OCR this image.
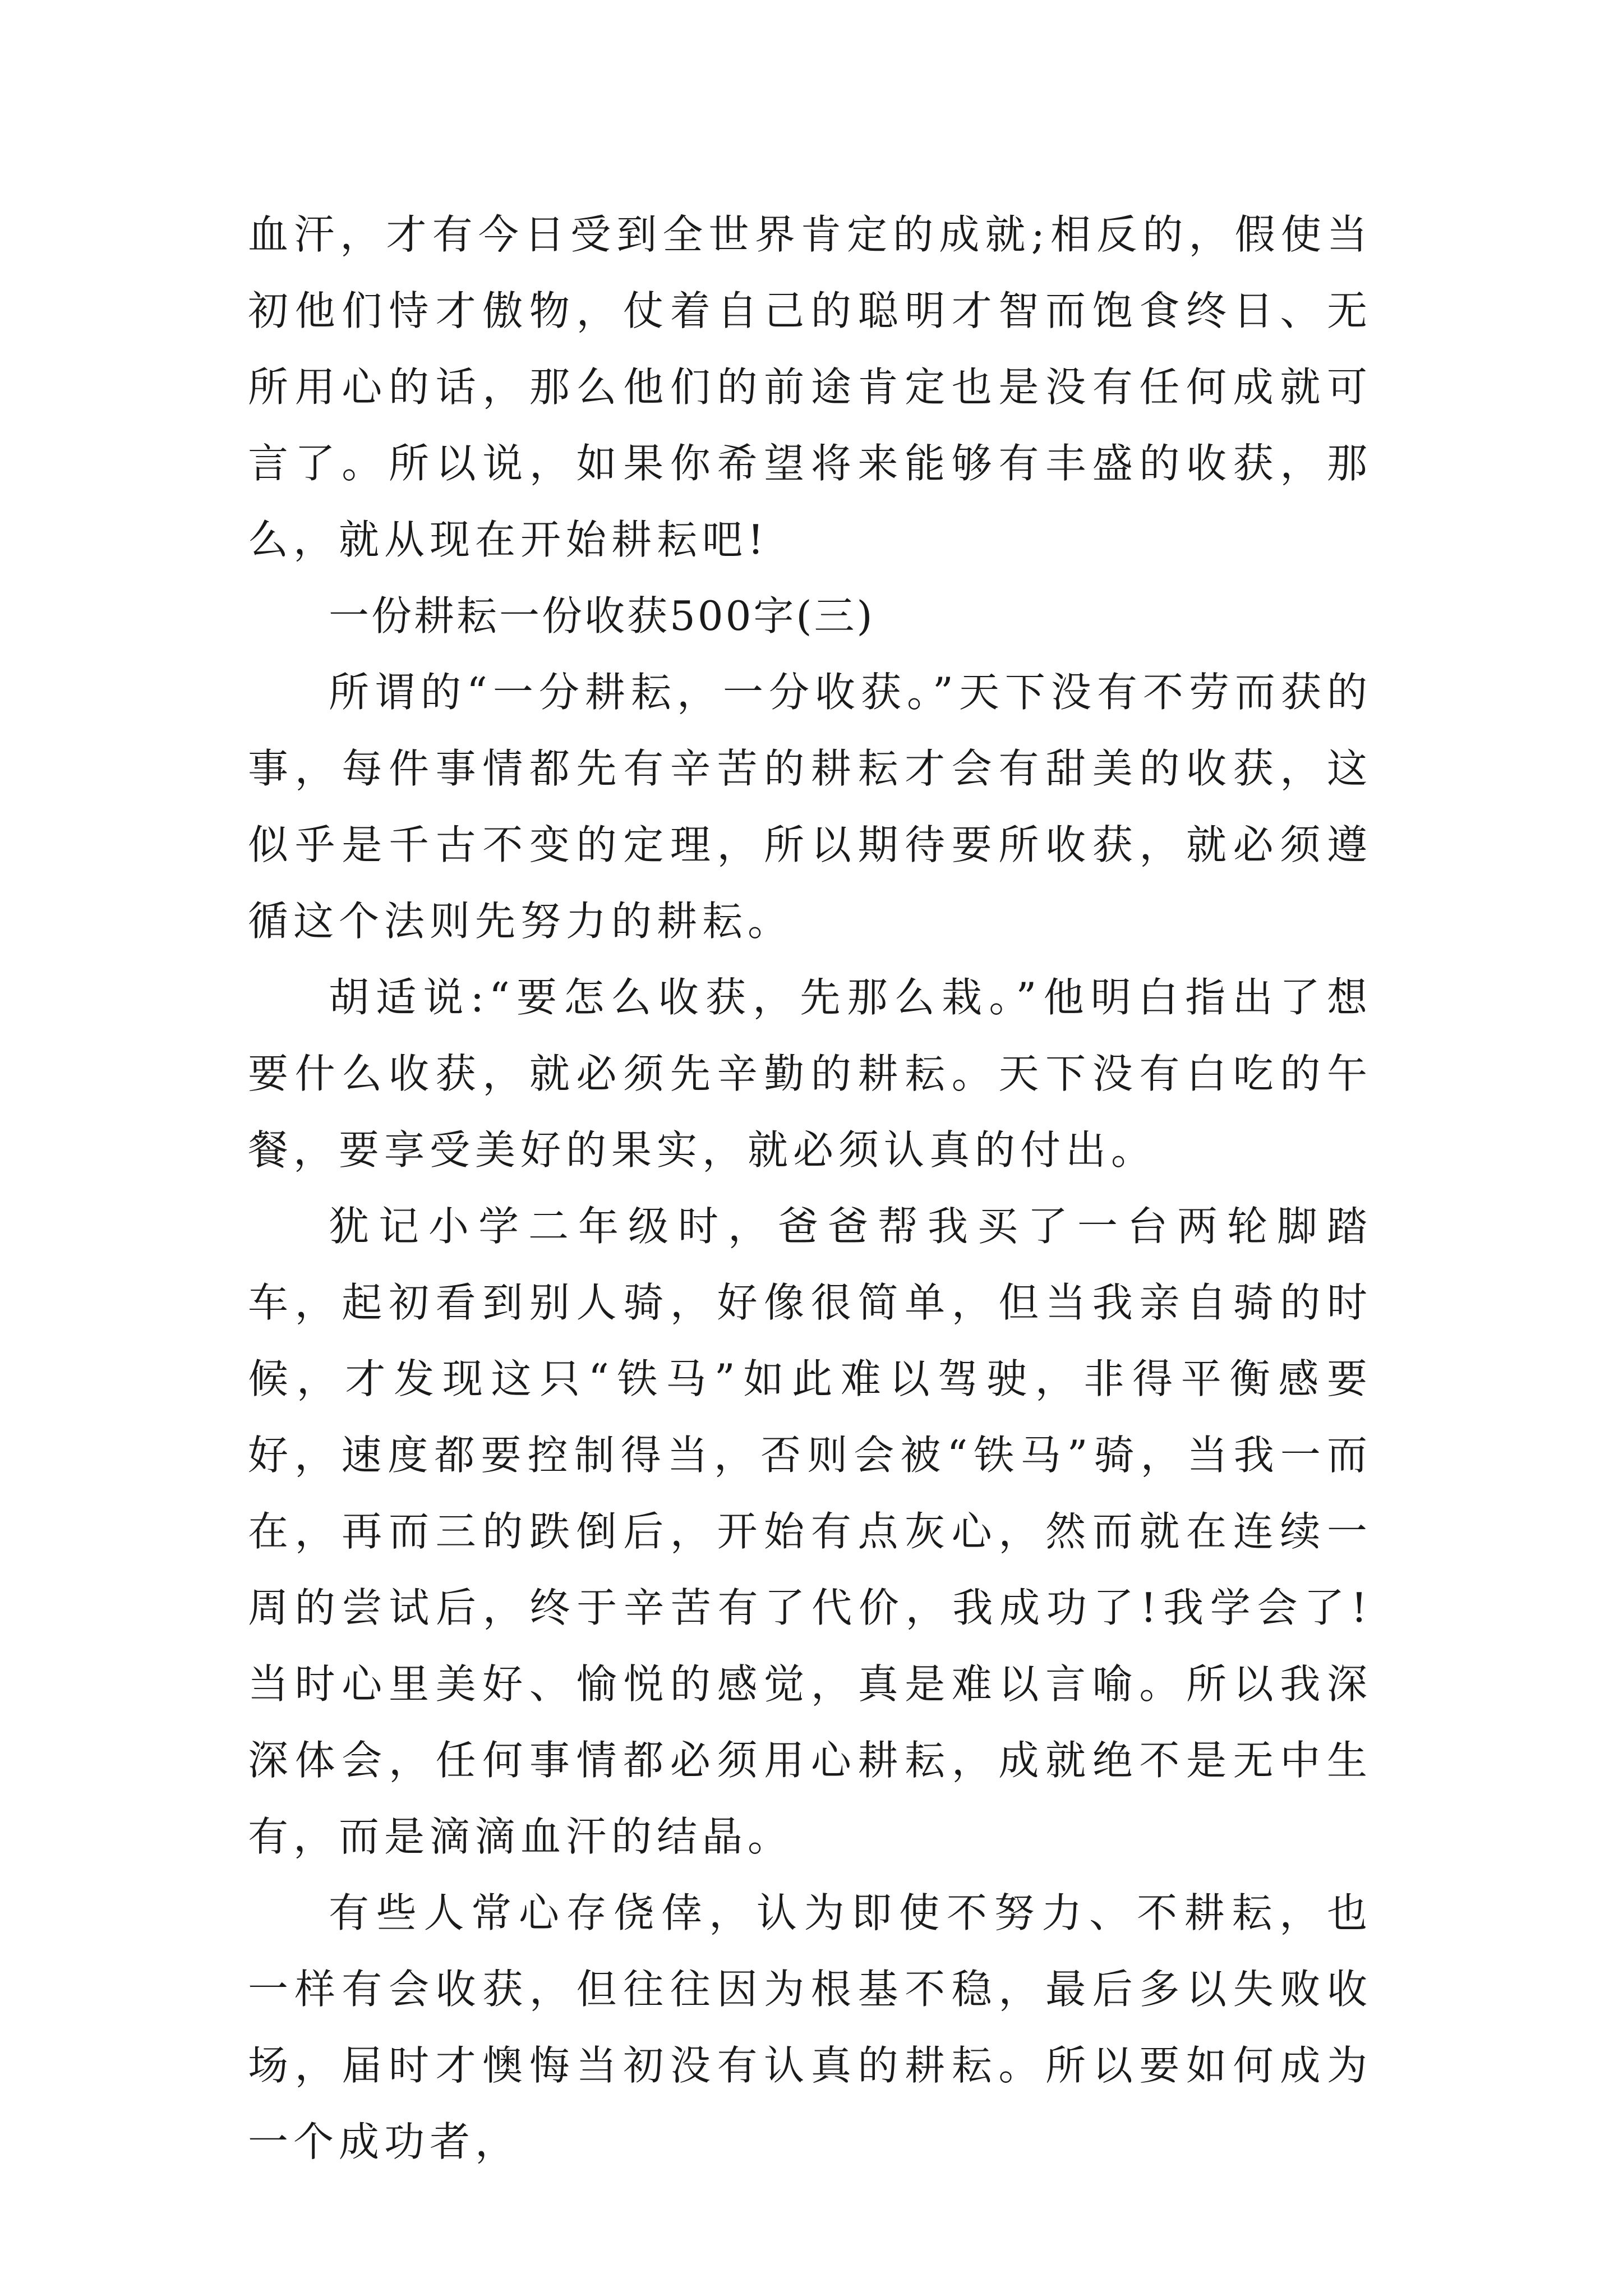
血汗，才有今日受到全世界肯定的成就;相反的，假使当初他们恃才傲物，仗着自己的聪明才智而饱食终日、无所用心的话，那么他们的前途肯定也是没有任何成就可言了。所以说，如果你希望将来能够有丰盛的收获，那么，就从现在开始耕耘吧!

一份耕耘一份收获500字(三)

所谓的“一分耕耘，一分收获。”天下没有不劳而获的事，每件事情都先有辛苦的耕耘才会有甜美的收获，这似乎是千古不变的定理，所以期待要所收获，就必须遵循这个法则先努力的耕耘。

胡适说:“要怎么收获，先那么栽。”他明白指出了想要什么收获，就必须先辛勤的耕耘。天下没有白吃的午餐，要享受美好的果实，就必须认真的付出。

犹记小学二年级时，爸爸帮我买了一台两轮脚踏车，起初看到别人骑，好像很简单，但当我亲自骑的时候，才发现这只“铁马”如此难以驾驶，非得平衡感要好，速度都要控制得当，否则会被“铁马”骑，当我一而在，再而三的跌倒后，开始有点灰心，然而就在连续一周的尝试后，终于辛苦有了代价，我成功了!我学会了!当时心里美好、愉悦的感觉，真是难以言喻。所以我深深体会，任何事情都必须用心耕耘，成就绝不是无中生有，而是滴滴血汗的结晶。

有些人常心存侥倖，认为即使不努力、不耕耘，也一样有会收获，但往往因为根基不稳，最后多以失败收场，届时才懊悔当初没有认真的耕耘。所以要如何成为一个成功者，
